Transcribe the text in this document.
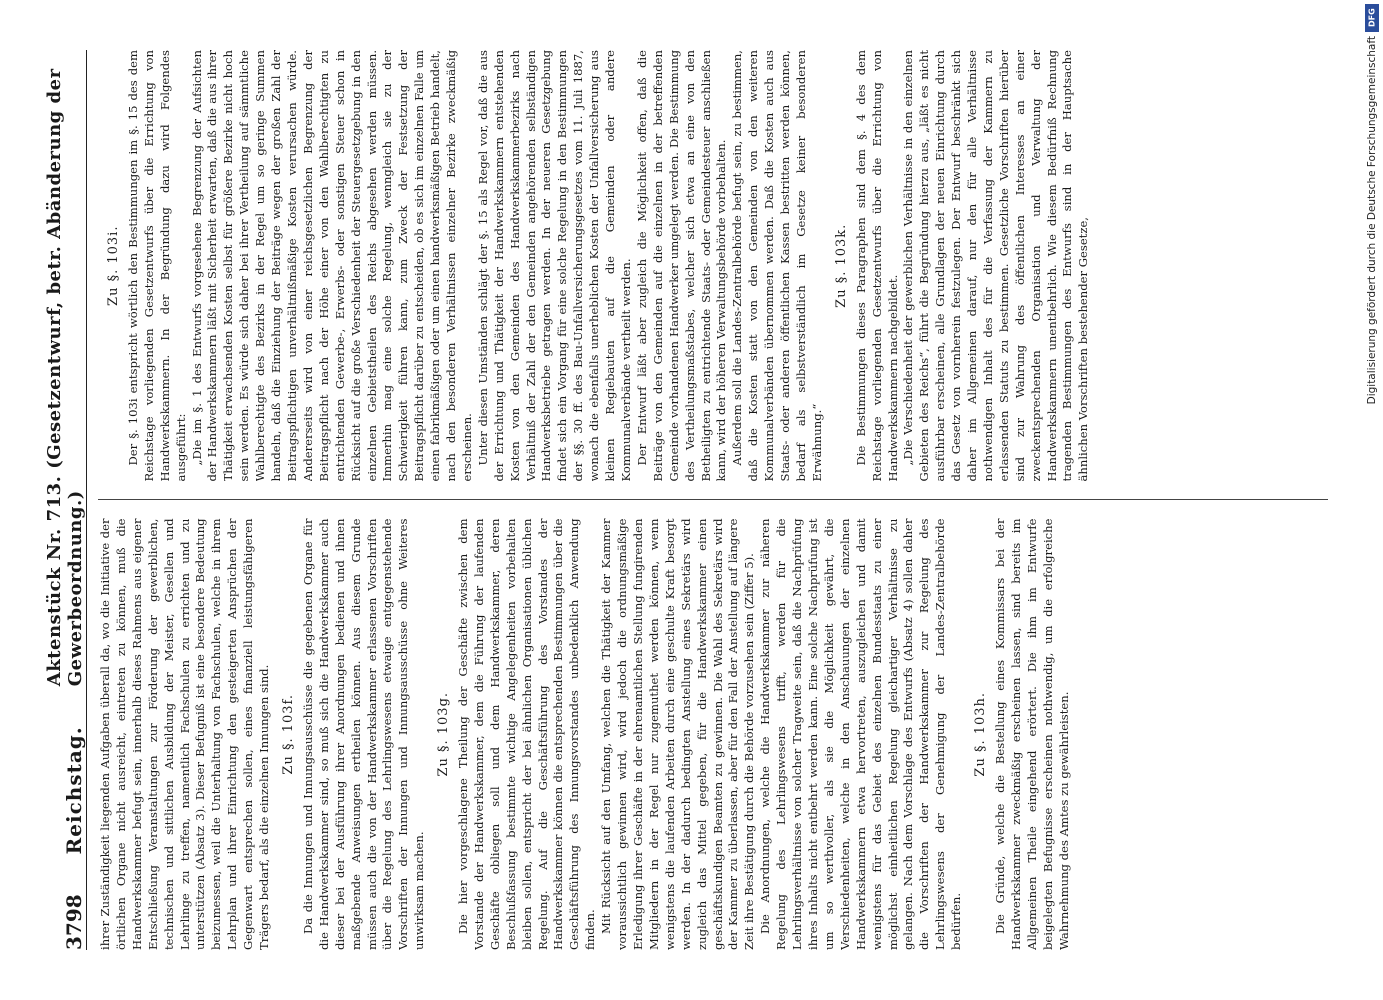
3798
Reichstag.
Aktenstück Nr. 713. (Gesetzentwurf, betr. Abänderung der Gewerbeordnung.) ihrer Zuständigkeit liegenden Aufgaben überall da, wo die Initiative der örtlichen Organe nicht ausreicht, eintreten zu können, muß die Handwerkskammer befugt sein, innerhalb dieses Rahmens aus eigener Entschließung Veranstaltungen zur Förderung der gewerblichen, technischen und sittlichen Ausbildung der Meister, Gesellen und Lehrlinge zu treffen, namentlich Fachschulen zu errichten und zu unterstützen (Absatz 3). Dieser Befugniß ist eine besondere Bedeutung beizumessen, weil die Unterhaltung von Fachschulen, welche in ihrem Lehrplan und ihrer Einrichtung den gesteigerten Ansprüchen der Gegenwart entsprechen sollen, eines finanziell leistungsfähigeren Trägers bedarf, als die einzelnen Innungen sind. Zu §. 103f. Da die Innungen und Innungsausschüsse die gegebenen Organe für die Handwerkskammer sind, so muß sich die Handwerkskammer auch dieser bei der Ausführung ihrer Anordnungen bedienen und ihnen maßgebende Anweisungen ertheilen können. Aus diesem Grunde müssen auch die von der Handwerkskammer erlassenen Vorschriften über die Regelung des Lehrlingswesens etwaige entgegenstehende Vorschriften der Innungen und Innungsausschüsse ohne Weiteres unwirksam machen.

Zu §. 103g. Die hier vorgeschlagene Theilung der Geschäfte zwischen dem Vorstande der Handwerkskammer, dem die Führung der laufenden Geschäfte obliegen soll und dem Handwerkskammer, deren Beschlußfassung bestimmte wichtige Angelegenheiten vorbehalten bleiben sollen, entspricht der bei ähnlichen Organisationen üblichen Regelung. Auf die Geschäftsführung des Vorstandes der Handwerkskammer können die entsprechenden Bestimmungen über die Geschäftsführung des Innungsvorstandes unbedenklich Anwendung finden. Mit Rücksicht auf den Umfang, welchen die Thätigkeit der Kammer voraussichtlich gewinnen wird, wird jedoch die ordnungsmäßige Erledigung ihrer Geschäfte in der ehrenamtlichen Stellung fungirenden Mitgliedern in der Regel nur zugemuthet werden können, wenn wenigstens die laufenden Arbeiten durch eine geschulte Kraft besorgt werden. In der dadurch bedingten Anstellung eines Sekretärs wird zugleich das Mittel gegeben, für die Handwerkskammer einen geschäftskundigen Beamten zu gewinnen. Die Wahl des Sekretärs wird der Kammer zu überlassen, aber für den Fall der Anstellung auf längere Zeit ihre Bestätigung durch die Behörde vorzusehen sein (Ziffer 5). Die Anordnungen, welche die Handwerkskammer zur näheren Regelung des Lehrlingswesens trifft, werden für die Lehrlingsverhältnisse von solcher Tragweite sein, daß die Nachprüfung ihres Inhalts nicht entbehrt werden kann. Eine solche Nachprüfung ist um so werthvoller, als sie die Möglichkeit gewährt, die Verschiedenheiten, welche in den Anschauungen der einzelnen Handwerkskammern etwa hervortreten, auszugleichen und damit wenigstens für das Gebiet des einzelnen Bundesstaats zu einer möglichst einheitlichen Regelung gleichartiger Verhältnisse zu gelangen. Nach dem Vorschlage des Entwurfs (Absatz 4) sollen daher die Vorschriften der Handwerkskammer zur Regelung des Lehrlingswesens der Genehmigung der Landes-Zentralbehörde bedürfen.

Zu §. 103h. Die Gründe, welche die Bestellung eines Kommissars bei der Handwerkskammer zweckmäßig erscheinen lassen, sind bereits im Allgemeinen Theile eingehend erörtert. Die ihm im Entwurfe beigelegten Befugnisse erscheinen nothwendig, um die erfolgreiche Wahrnehmung des Amtes zu gewährleisten.

Zu §. 103i. Der §. 103i entspricht wörtlich den Bestimmungen im §. 15 des dem Reichstage vorliegenden Gesetzentwurfs über die Errichtung von Handwerkskammern. In der Begründung dazu wird Folgendes ausgeführt: „Die im §. 1 des Entwurfs vorgesehene Begrenzung der Aufsichten der Handwerkskammern läßt mit Sicherheit erwarten, daß die aus ihrer Thätigkeit erwachsenden Kosten selbst für größere Bezirke nicht hoch sein werden. Es würde sich daher bei ihrer Vertheilung auf sämmtliche Wahlberechtigte des Bezirks in der Regel um so geringe Summen handeln, daß die Einziehung der Beiträge wegen der großen Zahl der Beitragspflichtigen unverhältnißmäßige Kosten verursachen würde. Andererseits wird von einer reichsgesetzlichen Begrenzung der Beitragspflicht nach der Höhe einer von den Wahlberechtigten zu entrichtenden Gewerbe-, Erwerbs- oder sonstigen Steuer schon in Rücksicht auf die große Verschiedenheit der Steuergesetzgebung in den einzelnen Gebietstheilen des Reichs abgesehen werden müssen. Immerhin mag eine solche Regelung, wenngleich sie zu der Schwierigkeit führen kann, zum Zweck der Festsetzung der Beitragspflicht darüber zu entscheiden, ob es sich im einzelnen Falle um einen fabrikmäßigen oder um einen handwerksmäßigen Betrieb handelt, nach den besonderen Verhältnissen einzelner Bezirke zweckmäßig erscheinen. Unter diesen Umständen schlägt der §. 15 als Regel vor, daß die aus der Errichtung und Thätigkeit der Handwerkskammern entstehenden Kosten von den Gemeinden des Handwerkskammerbezirks nach Verhältniß der Zahl der den Gemeinden angehörenden selbständigen Handwerksbetriebe getragen werden. In der neueren Gesetzgebung findet sich ein Vorgang für eine solche Regelung in den Bestimmungen der §§. 30 ff. des Bau-Unfallversicherungsgesetzes vom 11. Juli 1887, wonach die ebenfalls unerheblichen Kosten der Unfallversicherung aus kleinen Regiebauten auf die Gemeinden oder andere Kommunalverbände vertheilt werden. Der Entwurf läßt aber zugleich die Möglichkeit offen, daß die Beiträge von den Gemeinden auf die einzelnen in der betreffenden Gemeinde vorhandenen Handwerker umgelegt werden. Die Bestimmung des Vertheilungsmaßstabes, welcher sich etwa an eine von den Betheiligten zu entrichtende Staats- oder Gemeindesteuer anschließen kann, wird der höheren Verwaltungsbehörde vorbehalten. Außerdem soll die Landes-Zentralbehörde befugt sein, zu bestimmen, daß die Kosten statt von den Gemeinden von den weiteren Kommunalverbänden übernommen werden. Daß die Kosten auch aus Staats- oder anderen öffentlichen Kassen bestritten werden können, bedarf als selbstverständlich im Gesetze keiner besonderen Erwähnung.“

Zu §. 103k. Die Bestimmungen dieses Paragraphen sind dem §. 4 des dem Reichstage vorliegenden Gesetzentwurfs über die Errichtung von Handwerkskammern nachgebildet. „Die Verschiedenheit der gewerblichen Verhältnisse in den einzelnen Gebieten des Reichs“, führt die Begründung hierzu aus, „läßt es nicht ausführbar erscheinen, alle Grundlagen der neuen Einrichtung durch das Gesetz von vornherein festzulegen. Der Entwurf beschränkt sich daher im Allgemeinen darauf, nur den für alle Verhältnisse nothwendigen Inhalt des für die Verfassung der Kammern zu erlassenden Statuts zu bestimmen. Gesetzliche Vorschriften hierüber sind zur Wahrung des öffentlichen Interesses an einer zweckentsprechenden Organisation und Verwaltung der Handwerkskammern unentbehrlich. Wie diesem Bedürfniß Rechnung tragenden Bestimmungen des Entwurfs sind in der Hauptsache ähnlichen Vorschriften bestehender Gesetze,

DFG
Digitalisierung gefördert durch die Deutsche Forschungsgemeinschaft
